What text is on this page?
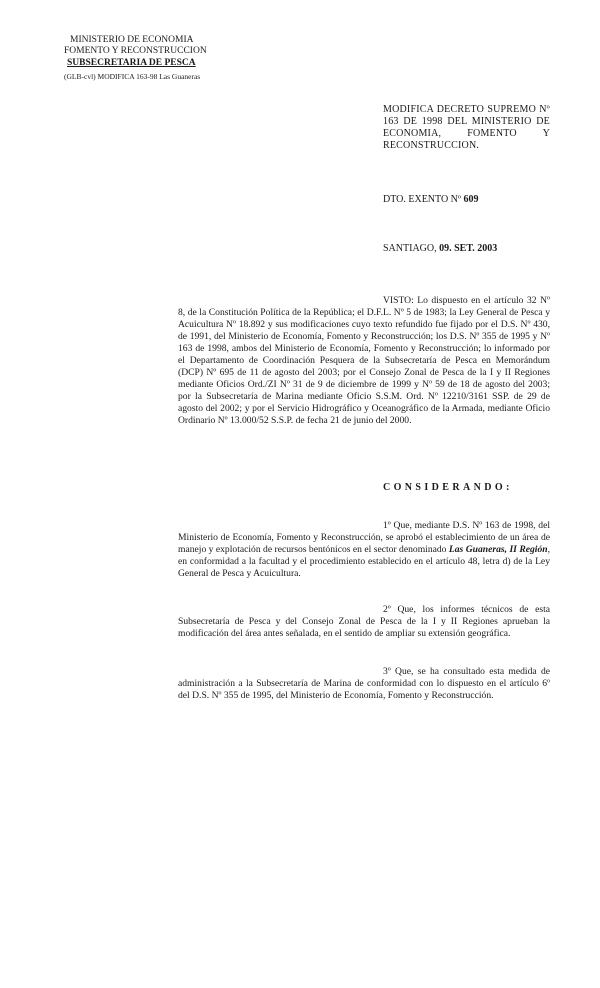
MINISTERIO DE ECONOMIA
FOMENTO Y RECONSTRUCCION
SUBSECRETARIA DE PESCA
(GLB-cvl) MODIFICA 163-98 Las Guaneras
MODIFICA DECRETO SUPREMO Nº 163 DE 1998 DEL MINISTERIO DE ECONOMIA, FOMENTO Y RECONSTRUCCION.
DTO. EXENTO Nº 609
SANTIAGO, 09. SET. 2003
VISTO: Lo dispuesto en el artículo 32 Nº 8, de la Constitución Política de la República; el D.F.L. Nº 5 de 1983; la Ley General de Pesca y Acuicultura Nº 18.892 y sus modificaciones cuyo texto refundido fue fijado por el D.S. Nº 430, de 1991, del Ministerio de Economía, Fomento y Reconstrucción; los D.S. Nº 355 de 1995 y Nº 163 de 1998, ambos del Ministerio de Economía, Fomento y Reconstrucción; lo informado por el Departamento de Coordinación Pesquera de la Subsecretaría de Pesca en Memorándum (DCP) Nº 695 de 11 de agosto del 2003; por el Consejo Zonal de Pesca de la I y II Regiones mediante Oficios Ord./ZI Nº 31 de 9 de diciembre de 1999 y Nº 59 de 18 de agosto del 2003; por la Subsecretaría de Marina mediante Oficio S.S.M. Ord. Nº 12210/3161 SSP. de 29 de agosto del 2002; y por el Servicio Hidrográfico y Oceanográfico de la Armada, mediante Oficio Ordinario Nº 13.000/52 S.S.P. de fecha 21 de junio del 2000.
CONSIDERANDO:
1º Que, mediante D.S. Nº 163 de 1998, del Ministerio de Economía, Fomento y Reconstrucción, se aprobó el establecimiento de un área de manejo y explotación de recursos bentónicos en el sector denominado Las Guaneras, II Región, en conformidad a la facultad y el procedimiento establecido en el artículo 48, letra d) de la Ley General de Pesca y Acuicultura.
2º Que, los informes técnicos de esta Subsecretaría de Pesca y del Consejo Zonal de Pesca de la I y II Regiones aprueban la modificación del área antes señalada, en el sentido de ampliar su extensión geográfica.
3º Que, se ha consultado esta medida de administración a la Subsecretaría de Marina de conformidad con lo dispuesto en el artículo 6º del D.S. Nº 355 de 1995, del Ministerio de Economía, Fomento y Reconstrucción.
